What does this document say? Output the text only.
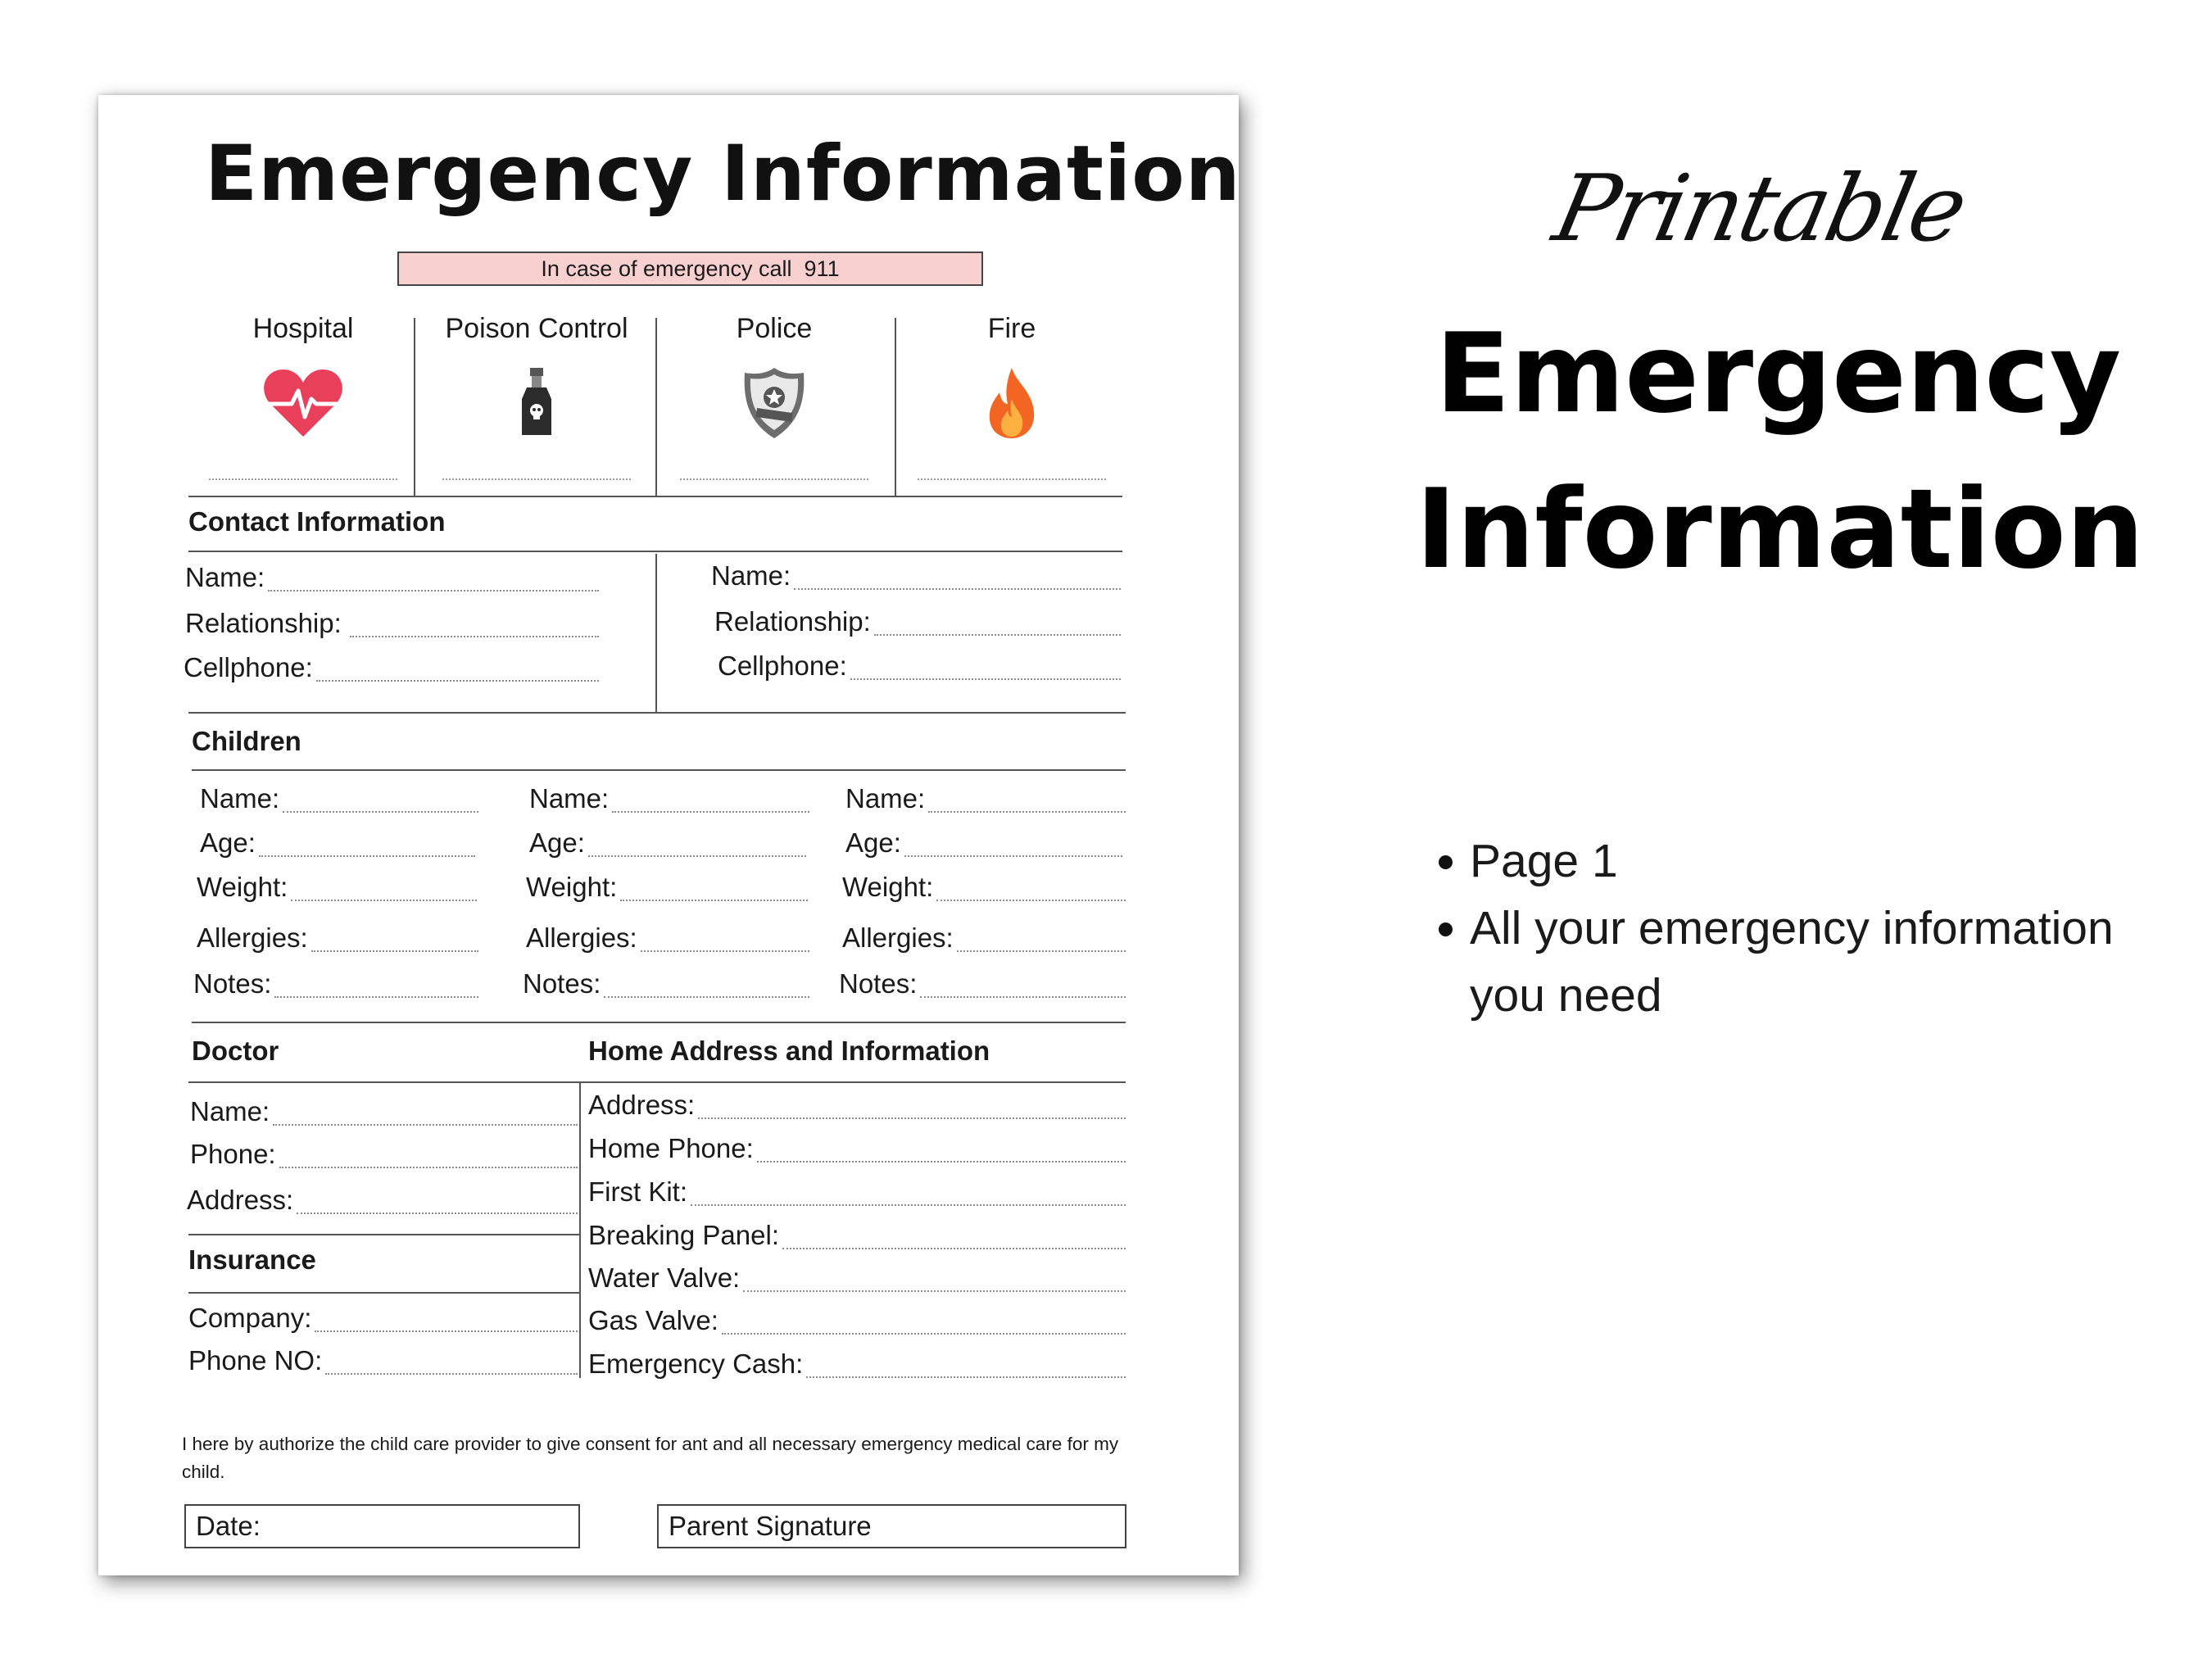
Emergency Information
In case of emergency call  911
Hospital	Poison Control	Police	Fire
Contact Information
Name:
Relationship:
Cellphone:
Name:
Relationship:
Cellphone:
Children
Name:
Age:
Weight:
Allergies:
Notes:
Name:
Age:
Weight:
Allergies:
Notes:
Name:
Age:
Weight:
Allergies:
Notes:
Doctor	Home Address and Information
Name:
Phone:
Address:
Insurance
Company:
Phone NO:
Address:
Home Phone:
First Kit:
Breaking Panel:
Water Valve:
Gas Valve:
Emergency Cash:
I here by authorize the child care provider to give consent for ant and all necessary emergency medical care for my child.
Date:	Parent Signature
Printable
Emergency
Information
Page 1
All your emergency information you need
